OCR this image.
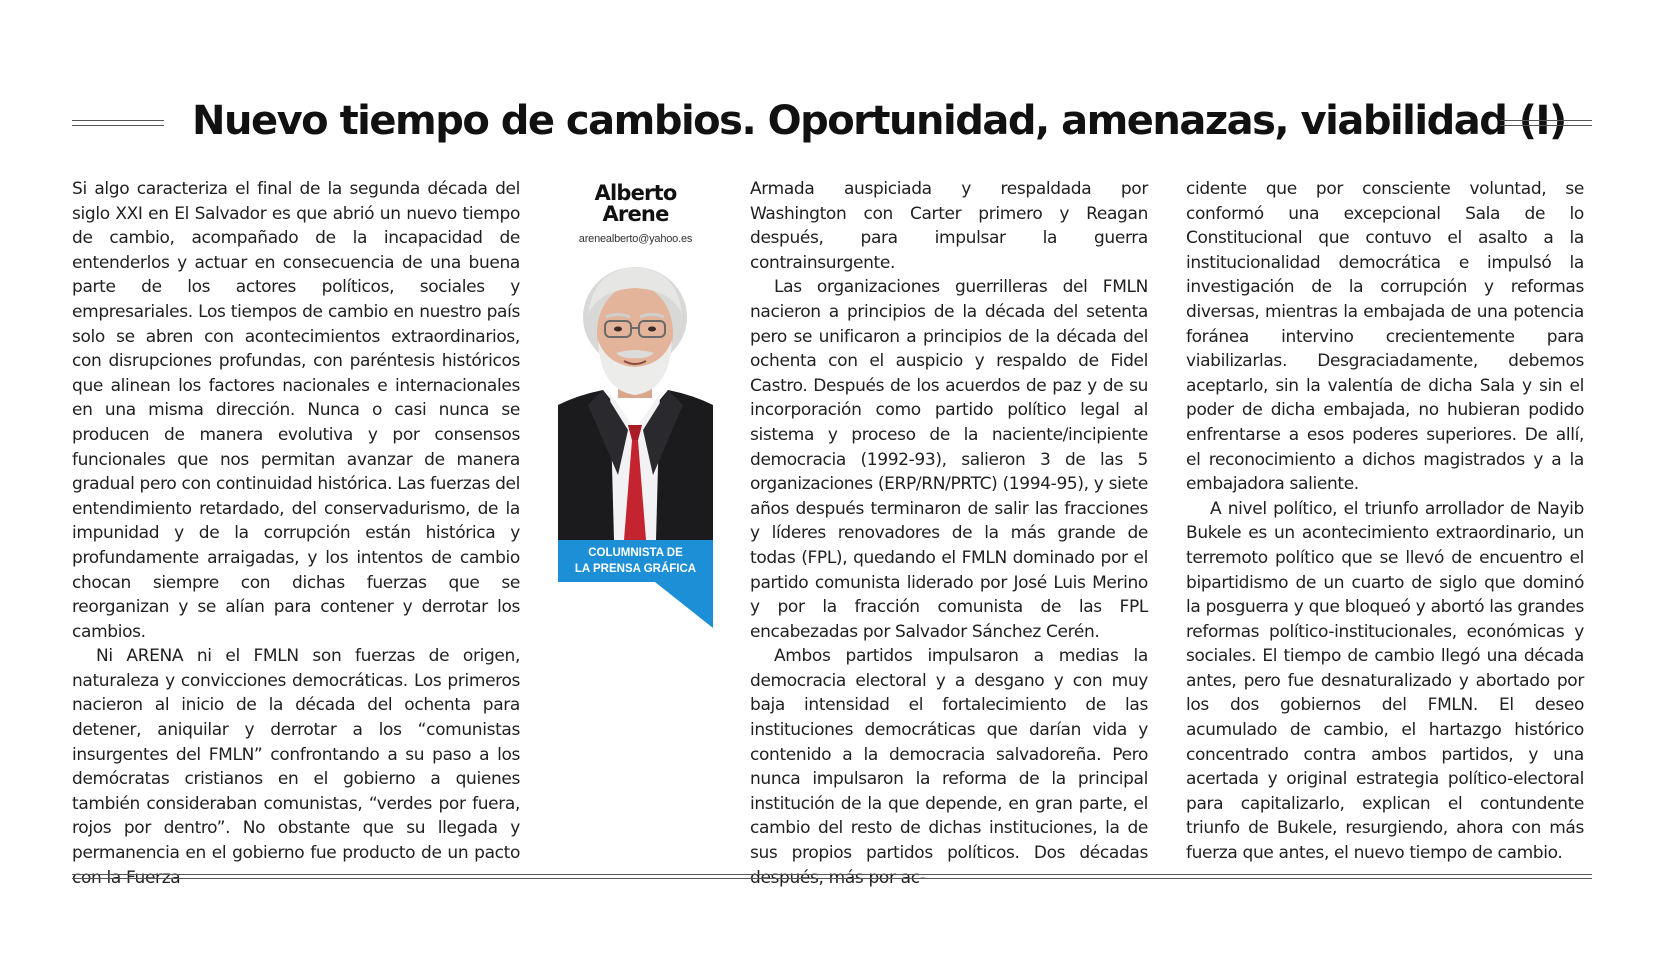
Nuevo tiempo de cambios. Oportunidad, amenazas, viabilidad (I)

Si algo caracteriza el final de la segunda década del siglo XXI en El Salvador es que abrió un nuevo tiempo de cambio, acompañado de la incapacidad de entenderlos y actuar en consecuencia de una buena parte de los actores políticos, sociales y empresariales. Los tiempos de cambio en nuestro país solo se abren con acontecimientos extraordinarios, con disrupciones profundas, con paréntesis históricos que alinean los factores nacionales e internacionales en una misma dirección. Nunca o casi nunca se producen de manera evolutiva y por consensos funcionales que nos permitan avanzar de manera gradual pero con continuidad histórica. Las fuerzas del entendimiento retardado, del conservadurismo, de la impunidad y de la corrupción están histórica y profundamente arraigadas, y los intentos de cambio chocan siempre con dichas fuerzas que se reorganizan y se alían para contener y derrotar los cambios.

Ni ARENA ni el FMLN son fuerzas de origen, naturaleza y convicciones democráticas. Los primeros nacieron al inicio de la década del ochenta para detener, aniquilar y derrotar a los “comunistas insurgentes del FMLN” confrontando a su paso a los demócratas cristianos en el gobierno a quienes también consideraban comunistas, “verdes por fuera, rojos por dentro”. No obstante que su llegada y permanencia en el gobierno fue producto de un pacto con la Fuerza

Alberto
Arene
arenealberto@yahoo.es
COLUMNISTA DE
LA PRENSA GRÁFICA

Armada auspiciada y respaldada por Washington con Carter primero y Reagan después, para impulsar la guerra contrainsurgente.

Las organizaciones guerrilleras del FMLN nacieron a principios de la década del setenta pero se unificaron a principios de la década del ochenta con el auspicio y respaldo de Fidel Castro. Después de los acuerdos de paz y de su incorporación como partido político legal al sistema y proceso de la naciente/incipiente democracia (1992-93), salieron 3 de las 5 organizaciones (ERP/RN/PRTC) (1994-95), y siete años después terminaron de salir las fracciones y líderes renovadores de la más grande de todas (FPL), quedando el FMLN dominado por el partido comunista liderado por José Luis Merino y por la fracción comunista de las FPL encabezadas por Salvador Sánchez Cerén.

Ambos partidos impulsaron a medias la democracia electoral y a desgano y con muy baja intensidad el fortalecimiento de las instituciones democráticas que darían vida y contenido a la democracia salvadoreña. Pero nunca impulsaron la reforma de la principal institución de la que depende, en gran parte, el cambio del resto de dichas instituciones, la de sus propios partidos políticos. Dos décadas después, más por ac-

cidente que por consciente voluntad, se conformó una excepcional Sala de lo Constitucional que contuvo el asalto a la institucionalidad democrática e impulsó la investigación de la corrupción y reformas diversas, mientras la embajada de una potencia foránea intervino crecientemente para viabilizarlas. Desgraciadamente, debemos aceptarlo, sin la valentía de dicha Sala y sin el poder de dicha embajada, no hubieran podido enfrentarse a esos poderes superiores. De allí, el reconocimiento a dichos magistrados y a la embajadora saliente.

A nivel político, el triunfo arrollador de Nayib Bukele es un acontecimiento extraordinario, un terremoto político que se llevó de encuentro el bipartidismo de un cuarto de siglo que dominó la posguerra y que bloqueó y abortó las grandes reformas político-institucionales, económicas y sociales. El tiempo de cambio llegó una década antes, pero fue desnaturalizado y abortado por los dos gobiernos del FMLN. El deseo acumulado de cambio, el hartazgo histórico concentrado contra ambos partidos, y una acertada y original estrategia político-electoral para capitalizarlo, explican el contundente triunfo de Bukele, resurgiendo, ahora con más fuerza que antes, el nuevo tiempo de cambio.
